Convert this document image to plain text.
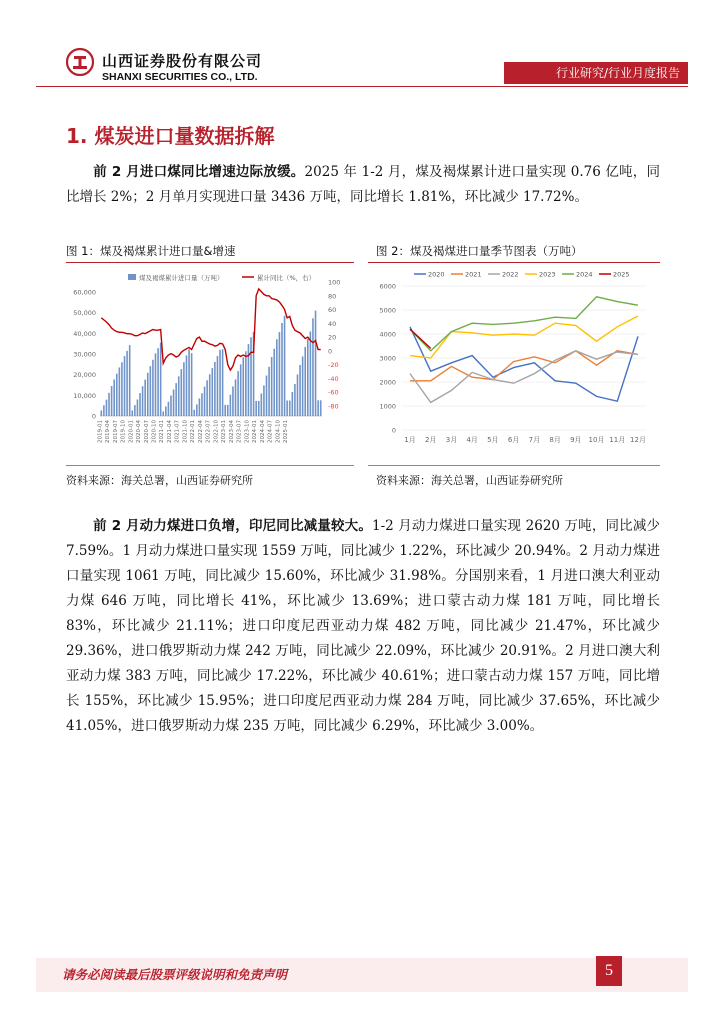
山西证券股份有限公司
SHANXI SECURITIES CO., LTD.	行业研究/行业月度报告
1. 煤炭进口量数据拆解
前 2 月进口煤同比增速边际放缓。2025 年 1-2 月，煤及褐煤累计进口量实现 0.76 亿吨，同比增长 2%；2 月单月实现进口量 3436 万吨，同比增长 1.81%，环比减少 17.72%。
图 1：煤及褐煤累计进口量&增速
煤及褐煤累计进口量（万吨）	累计同比（%，右）
60,000
50,000
40,000
30,000
20,000
10,000
0
100
80
60
40
20
0
-20
-40
-60
-80
2019-01 2019-04 2019-07 2019-10 2020-01 2020-04 2020-07 2020-10 2021-01 2021-04 2021-07 2021-10 2022-01 2022-04 2022-07 2022-10 2023-01 2023-04 2023-07 2023-10 2024-01 2024-04 2024-07 2024-10 2025-01
资料来源：海关总署，山西证券研究所
图 2：煤及褐煤进口量季节图表（万吨）
6000
5000
4000
3000
2000
1000
0
2020	2021	2022	2023	2024	2025
1月 2月 3月 4月 5月 6月 7月 8月 9月 10月 11月 12月
资料来源：海关总署，山西证券研究所
前 2 月动力煤进口负增，印尼同比减量较大。1-2 月动力煤进口量实现 2620 万吨，同比减少 7.59%。1 月动力煤进口量实现 1559 万吨，同比减少 1.22%，环比减少 20.94%。2 月动力煤进口量实现 1061 万吨，同比减少 15.60%，环比减少 31.98%。分国别来看，1 月进口澳大利亚动力煤 646 万吨，同比增长 41%，环比减少 13.69%；进口蒙古动力煤 181 万吨，同比增长 83%，环比减少 21.11%；进口印度尼西亚动力煤 482 万吨，同比减少 21.47%，环比减少 29.36%，进口俄罗斯动力煤 242 万吨，同比减少 22.09%，环比减少 20.91%。2 月进口澳大利亚动力煤 383 万吨，同比减少 17.22%，环比减少 40.61%；进口蒙古动力煤 157 万吨，同比增长 155%，环比减少 15.95%；进口印度尼西亚动力煤 284 万吨，同比减少 37.65%，环比减少 41.05%，进口俄罗斯动力煤 235 万吨，同比减少 6.29%，环比减少 3.00%。
请务必阅读最后股票评级说明和免责声明	5
